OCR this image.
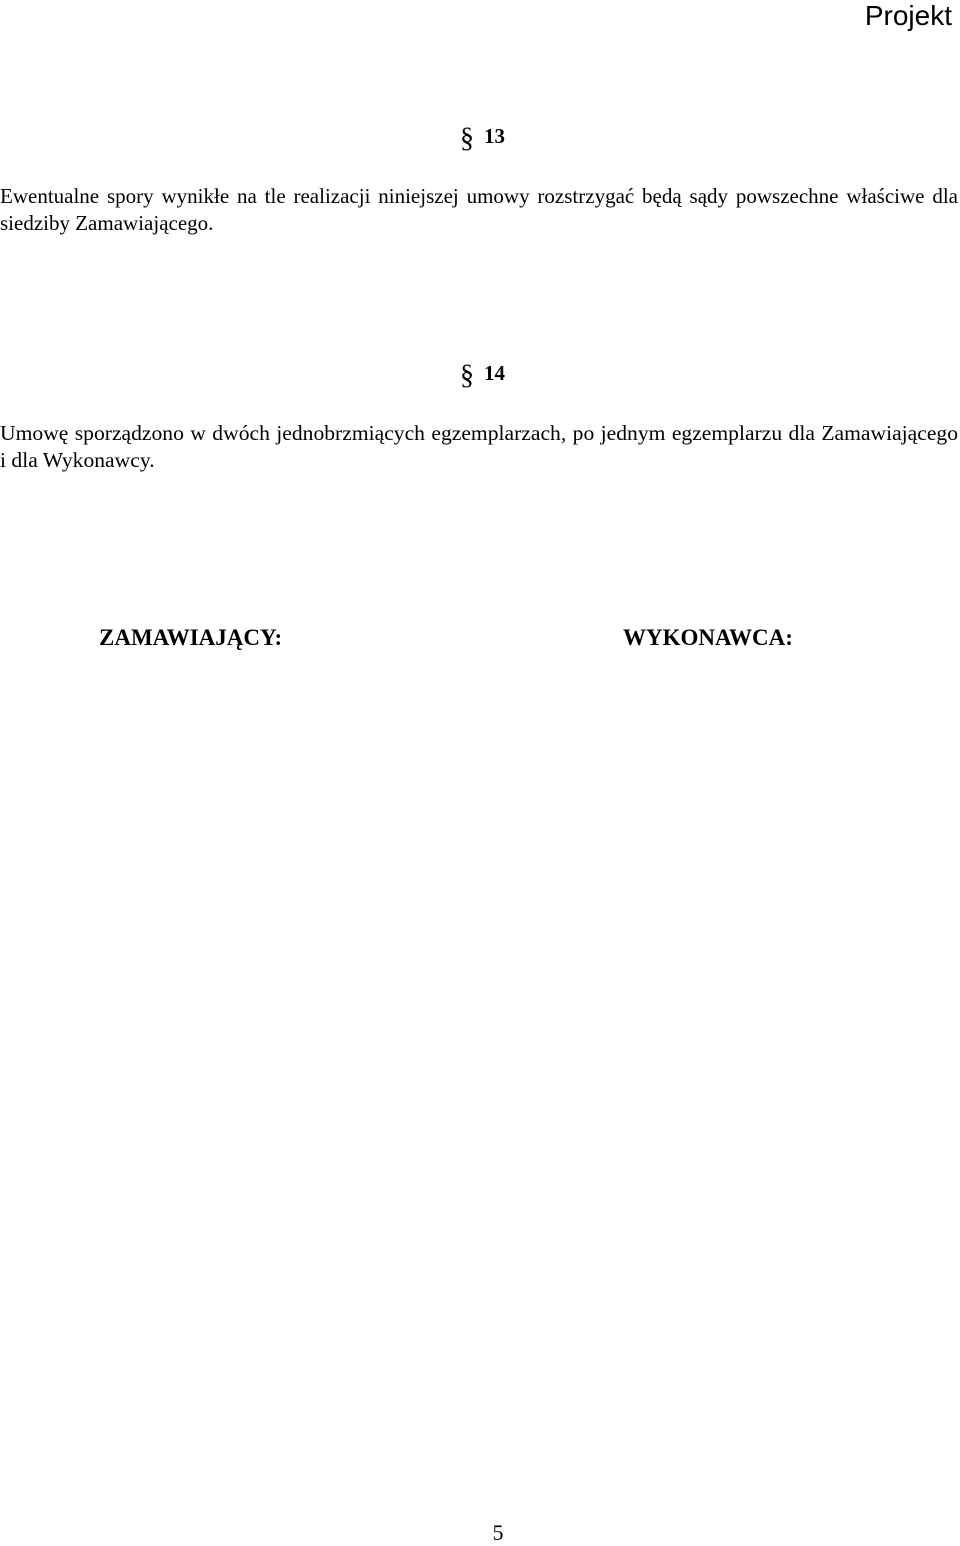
Projekt
§ 13

Ewentualne spory wynikłe na tle realizacji niniejszej umowy rozstrzygać będą sądy powszechne właściwe dla siedziby Zamawiającego.

§ 14

Umowę sporządzono w dwóch jednobrzmiących egzemplarzach, po jednym egzemplarzu dla Zamawiającego i dla Wykonawcy.

ZAMAWIAJĄCY:	WYKONAWCA:
5
